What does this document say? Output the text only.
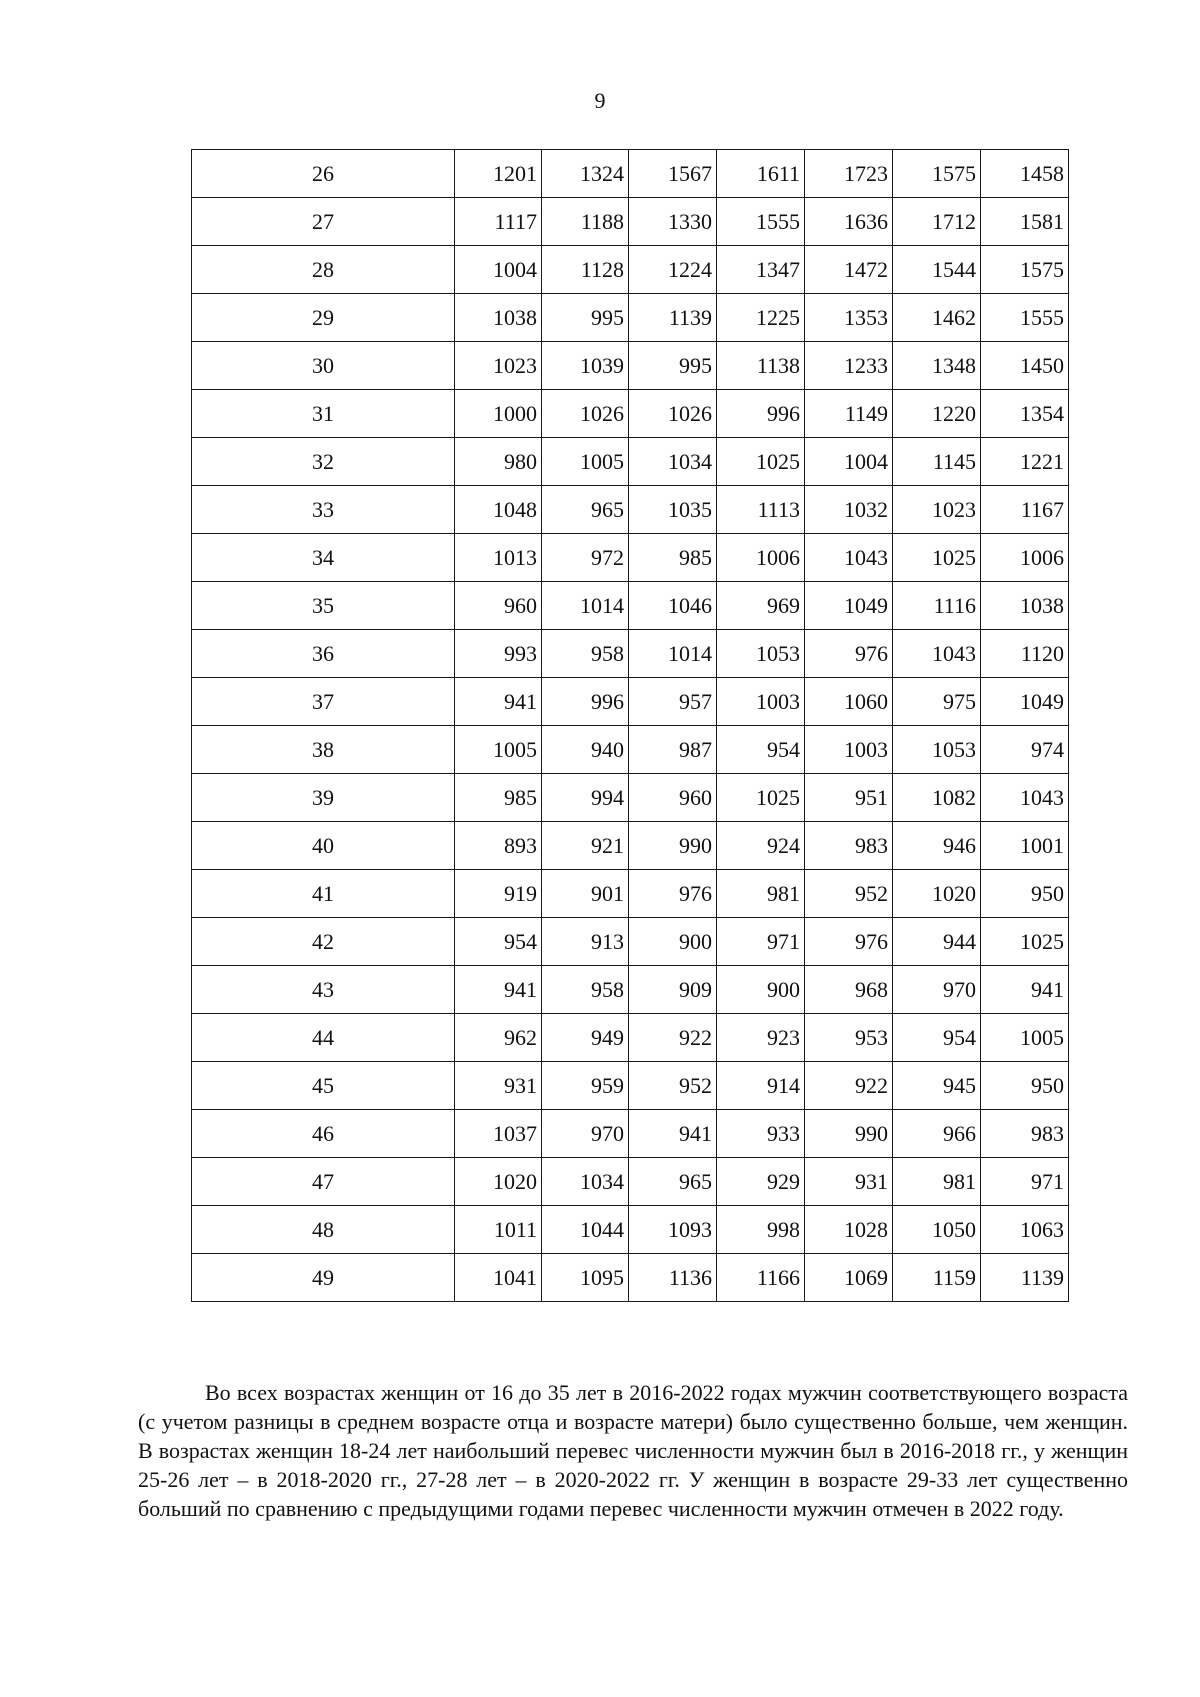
9
26	1201	1324	1567	1611	1723	1575	1458
27	1117	1188	1330	1555	1636	1712	1581
28	1004	1128	1224	1347	1472	1544	1575
29	1038	995	1139	1225	1353	1462	1555
30	1023	1039	995	1138	1233	1348	1450
31	1000	1026	1026	996	1149	1220	1354
32	980	1005	1034	1025	1004	1145	1221
33	1048	965	1035	1113	1032	1023	1167
34	1013	972	985	1006	1043	1025	1006
35	960	1014	1046	969	1049	1116	1038
36	993	958	1014	1053	976	1043	1120
37	941	996	957	1003	1060	975	1049
38	1005	940	987	954	1003	1053	974
39	985	994	960	1025	951	1082	1043
40	893	921	990	924	983	946	1001
41	919	901	976	981	952	1020	950
42	954	913	900	971	976	944	1025
43	941	958	909	900	968	970	941
44	962	949	922	923	953	954	1005
45	931	959	952	914	922	945	950
46	1037	970	941	933	990	966	983
47	1020	1034	965	929	931	981	971
48	1011	1044	1093	998	1028	1050	1063
49	1041	1095	1136	1166	1069	1159	1139

Во всех возрастах женщин от 16 до 35 лет в 2016-2022 годах мужчин соответствующего возраста (с учетом разницы в среднем возрасте отца и возрасте матери) было существенно больше, чем женщин. В возрастах женщин 18-24 лет наибольший перевес численности мужчин был в 2016-2018 гг., у женщин 25-26 лет – в 2018-2020 гг., 27-28 лет – в 2020-2022 гг. У женщин в возрасте 29-33 лет существенно больший по сравнению с предыдущими годами перевес численности мужчин отмечен в 2022 году.
